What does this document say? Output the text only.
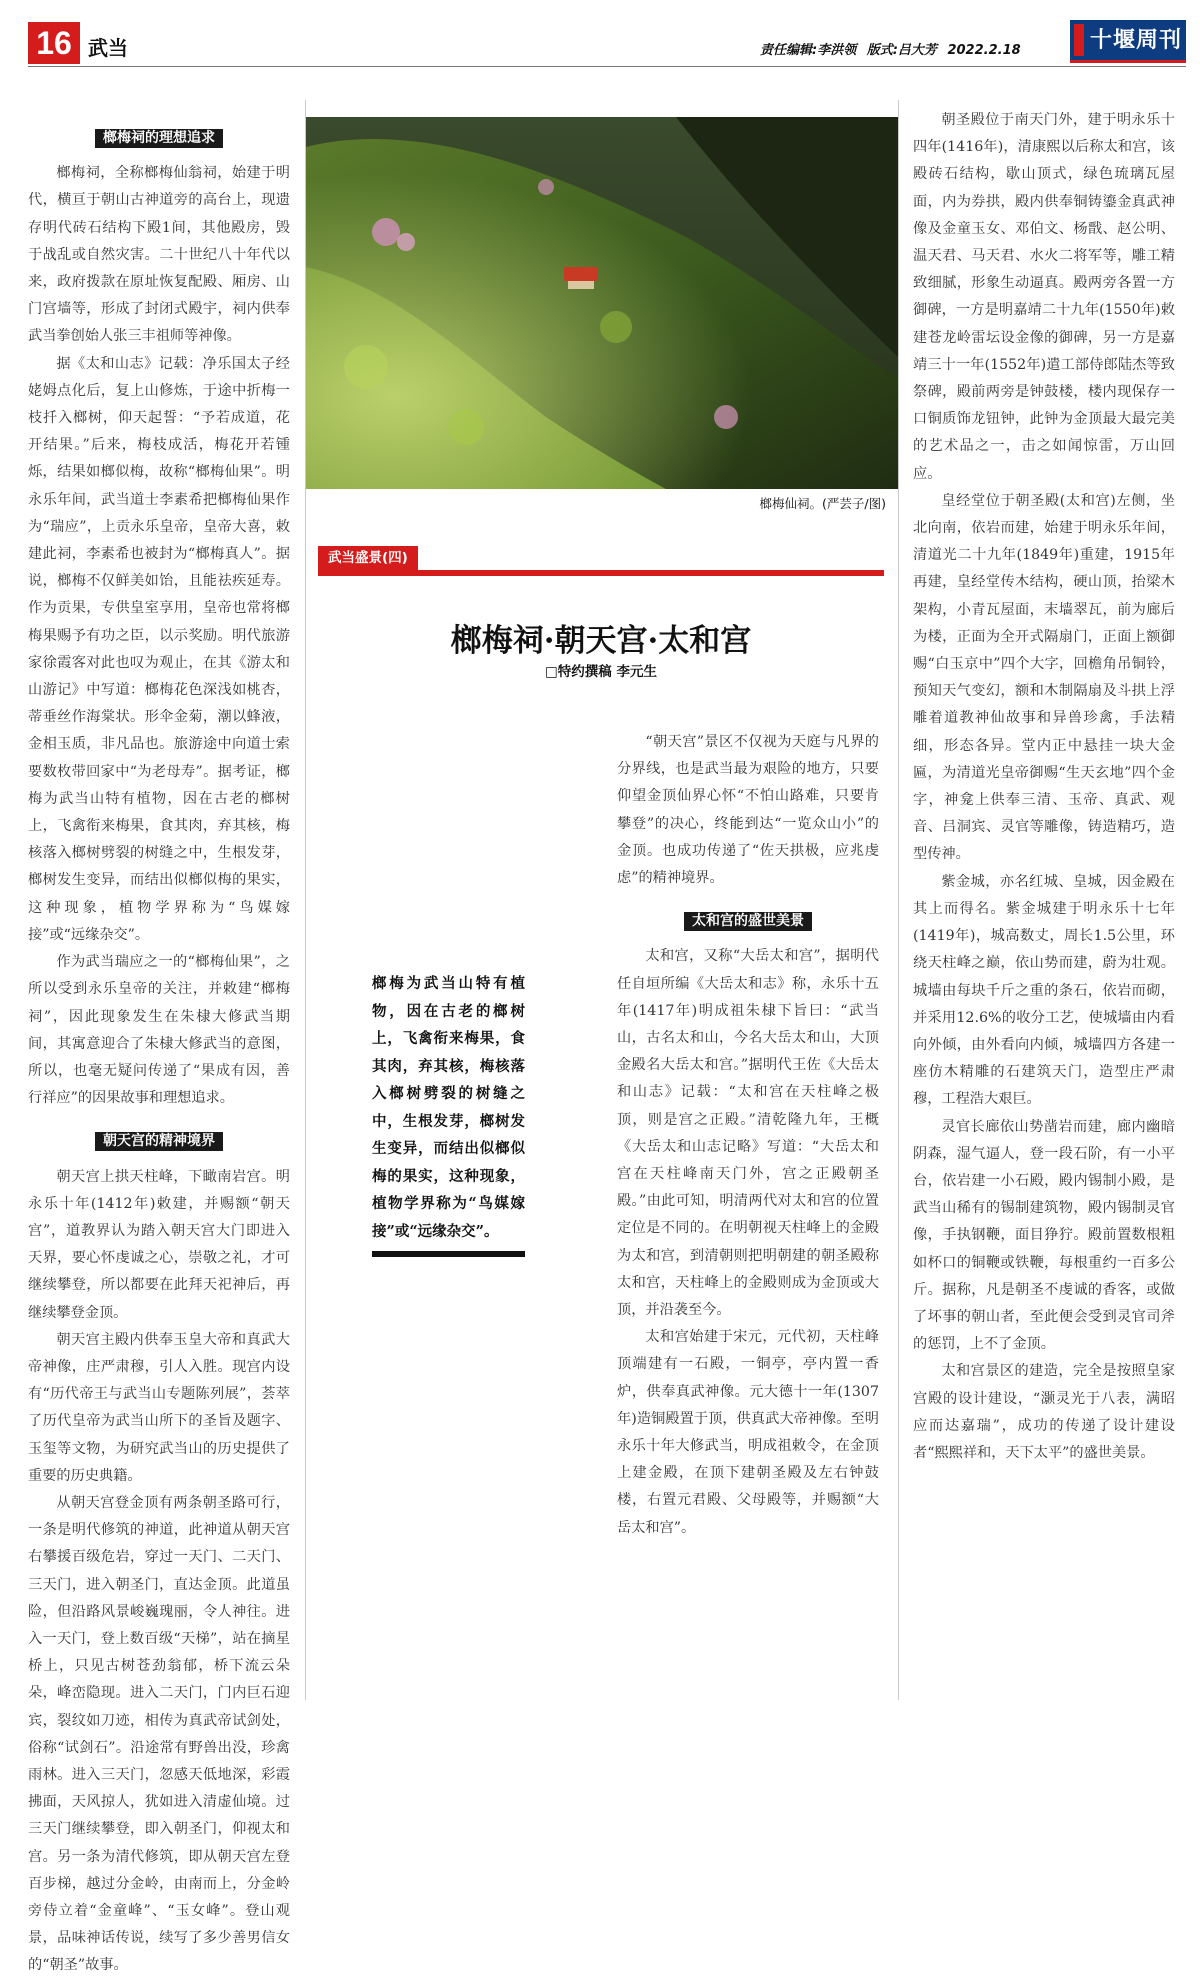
16 武当	责任编辑:李洪领 版式:吕大芳 2022.2.18	十堰周刊
榔梅祠的理想追求

榔梅祠，全称榔梅仙翁祠，始建于明代，横亘于朝山古神道旁的高台上，现遗存明代砖石结构下殿1间，其他殿房，毁于战乱或自然灾害。二十世纪八十年代以来，政府拨款在原址恢复配殿、厢房、山门宫墙等，形成了封闭式殿宇，祠内供奉武当拳创始人张三丰祖师等神像。

据《太和山志》记载：净乐国太子经姥姆点化后，复上山修炼，于途中折梅一枝扦入榔树，仰天起誓：“予若成道，花开结果。”后来，梅枝成活，梅花开若锺烁，结果如榔似梅，故称“榔梅仙果”。明永乐年间，武当道士李素希把榔梅仙果作为“瑞应”，上贡永乐皇帝，皇帝大喜，敕建此祠，李素希也被封为“榔梅真人”。据说，榔梅不仅鲜美如饴，且能祛疾延寿。作为贡果，专供皇室享用，皇帝也常将榔梅果赐予有功之臣，以示奖励。明代旅游家徐霞客对此也叹为观止，在其《游太和山游记》中写道：榔梅花色深浅如桃杏，蒂垂丝作海棠状。形伞金菊，潮以蜂液，金相玉质，非凡品也。旅游途中向道士索要数枚带回家中“为老母寿”。据考证，榔梅为武当山特有植物，因在古老的榔树上，飞禽衔来梅果，食其肉，弃其核，梅核落入榔树劈裂的树缝之中，生根发芽，榔树发生变异，而结出似榔似梅的果实，这种现象，植物学界称为“鸟媒嫁接”或“远缘杂交”。

作为武当瑞应之一的“榔梅仙果”，之所以受到永乐皇帝的关注，并敕建“榔梅祠”，因此现象发生在朱棣大修武当期间，其寓意迎合了朱棣大修武当的意图，所以，也毫无疑问传递了“果成有因，善行祥应”的因果故事和理想追求。

朝天宫的精神境界

朝天宫上拱天柱峰，下瞰南岩宫。明永乐十年(1412年)敕建，并赐额“朝天宫”，道教界认为踏入朝天宫大门即进入天界，要心怀虔诚之心，崇敬之礼，才可继续攀登，所以都要在此拜天祀神后，再继续攀登金顶。

朝天宫主殿内供奉玉皇大帝和真武大帝神像，庄严肃穆，引人入胜。现宫内设有“历代帝王与武当山专题陈列展”，荟萃了历代皇帝为武当山所下的圣旨及题字、玉玺等文物，为研究武当山的历史提供了重要的历史典籍。

从朝天宫登金顶有两条朝圣路可行，一条是明代修筑的神道，此神道从朝天宫右攀援百级危岩，穿过一天门、二天门、三天门，进入朝圣门，直达金顶。此道虽险，但沿路风景峻巍瑰丽，令人神往。进入一天门，登上数百级“天梯”，站在摘星桥上，只见古树苍劲翁郁，桥下流云朵朵，峰峦隐现。进入二天门，门内巨石迎宾，裂纹如刀迹，相传为真武帝试剑处，俗称“试剑石”。沿途常有野兽出没，珍禽雨林。进入三天门，忽感天低地深，彩霞拂面，天风掠人，犹如进入清虚仙境。过三天门继续攀登，即入朝圣门，仰视太和宫。另一条为清代修筑，即从朝天宫左登百步梯，越过分金岭，由南而上，分金岭旁侍立着“金童峰”、“玉女峰”。登山观景，品味神话传说，续写了多少善男信女的“朝圣”故事。

榔梅仙祠。(严芸子/图)
武当盛景(四)
榔梅祠·朝天宫·太和宫
□特约撰稿 李元生
榔梅为武当山特有植物，因在古老的榔树上，飞禽衔来梅果，食其肉，弃其核，梅核落入榔树劈裂的树缝之中，生根发芽，榔树发生变异，而结出似榔似梅的果实，这种现象，植物学界称为“鸟媒嫁接”或“远缘杂交”。

“朝天宫”景区不仅视为天庭与凡界的分界线，也是武当最为艰险的地方，只要仰望金顶仙界心怀“不怕山路难，只要肯攀登”的决心，终能到达“一览众山小”的金顶。也成功传递了“佐天拱极，应兆虔虑”的精神境界。

太和宫的盛世美景

太和宫，又称“大岳太和宫”，据明代任自垣所编《大岳太和志》称，永乐十五年(1417年)明成祖朱棣下旨曰：“武当山，古名太和山，今名大岳太和山，大顶金殿名大岳太和宫。”据明代王佐《大岳太和山志》记载：“太和宫在天柱峰之极顶，则是宫之正殿。”清乾隆九年，王概《大岳太和山志记略》写道：“大岳太和宫在天柱峰南天门外，宫之正殿朝圣殿。”由此可知，明清两代对太和宫的位置定位是不同的。在明朝视天柱峰上的金殿为太和宫，到清朝则把明朝建的朝圣殿称太和宫，天柱峰上的金殿则成为金顶或大顶，并沿袭至今。

太和宫始建于宋元，元代初，天柱峰顶端建有一石殿，一铜亭，亭内置一香炉，供奉真武神像。元大德十一年(1307年)造铜殿置于顶，供真武大帝神像。至明永乐十年大修武当，明成祖敕令，在金顶上建金殿，在顶下建朝圣殿及左右钟鼓楼，右置元君殿、父母殿等，并赐额“大岳太和宫”。

朝圣殿位于南天门外，建于明永乐十四年(1416年)，清康熙以后称太和宫，该殿砖石结构，歇山顶式，绿色琉璃瓦屋面，内为券拱，殿内供奉铜铸鎏金真武神像及金童玉女、邓伯文、杨戬、赵公明、温天君、马天君、水火二将军等，雕工精致细腻，形象生动逼真。殿两旁各置一方御碑，一方是明嘉靖二十九年(1550年)敕建苍龙岭雷坛设金像的御碑，另一方是嘉靖三十一年(1552年)遣工部侍郎陆杰等致祭碑，殿前两旁是钟鼓楼，楼内现保存一口铜质饰龙钮钟，此钟为金顶最大最完美的艺术品之一，击之如闻惊雷，万山回应。

皇经堂位于朝圣殿(太和宫)左侧，坐北向南，依岩而建，始建于明永乐年间，清道光二十九年(1849年)重建，1915年再建，皇经堂传木结构，硬山顶，抬梁木架构，小青瓦屋面，末墙翠瓦，前为廊后为楼，正面为全开式隔扇门，正面上额御赐“白玉京中”四个大字，回檐角吊铜铃，预知天气变幻，额和木制隔扇及斗拱上浮雕着道教神仙故事和异兽珍禽，手法精细，形态各异。堂内正中悬挂一块大金匾，为清道光皇帝御赐“生天玄地”四个金字，神龛上供奉三清、玉帝、真武、观音、吕洞宾、灵官等雕像，铸造精巧，造型传神。

紫金城，亦名红城、皇城，因金殿在其上而得名。紫金城建于明永乐十七年(1419年)，城高数丈，周长1.5公里，环绕天柱峰之巅，依山势而建，蔚为壮观。城墙由每块千斤之重的条石，依岩而砌，并采用12.6%的收分工艺，使城墙由内看向外倾，由外看向内倾，城墙四方各建一座仿木精雕的石建筑天门，造型庄严肃穆，工程浩大艰巨。

灵官长廊依山势凿岩而建，廊内幽暗阴森，湿气逼人，登一段石阶，有一小平台，依岩建一小石殿，殿内锡制小殿，是武当山稀有的锡制建筑物，殿内锡制灵官像，手执钢鞭，面目狰狞。殿前置数根粗如杯口的铜鞭或铁鞭，每根重约一百多公斤。据称，凡是朝圣不虔诚的香客，或做了坏事的朝山者，至此便会受到灵官司斧的惩罚，上不了金顶。

太和宫景区的建造，完全是按照皇家宫殿的设计建设，“灏灵光于八表，满昭应而达嘉瑞”，成功的传递了设计建设者“熙熙祥和，天下太平”的盛世美景。
